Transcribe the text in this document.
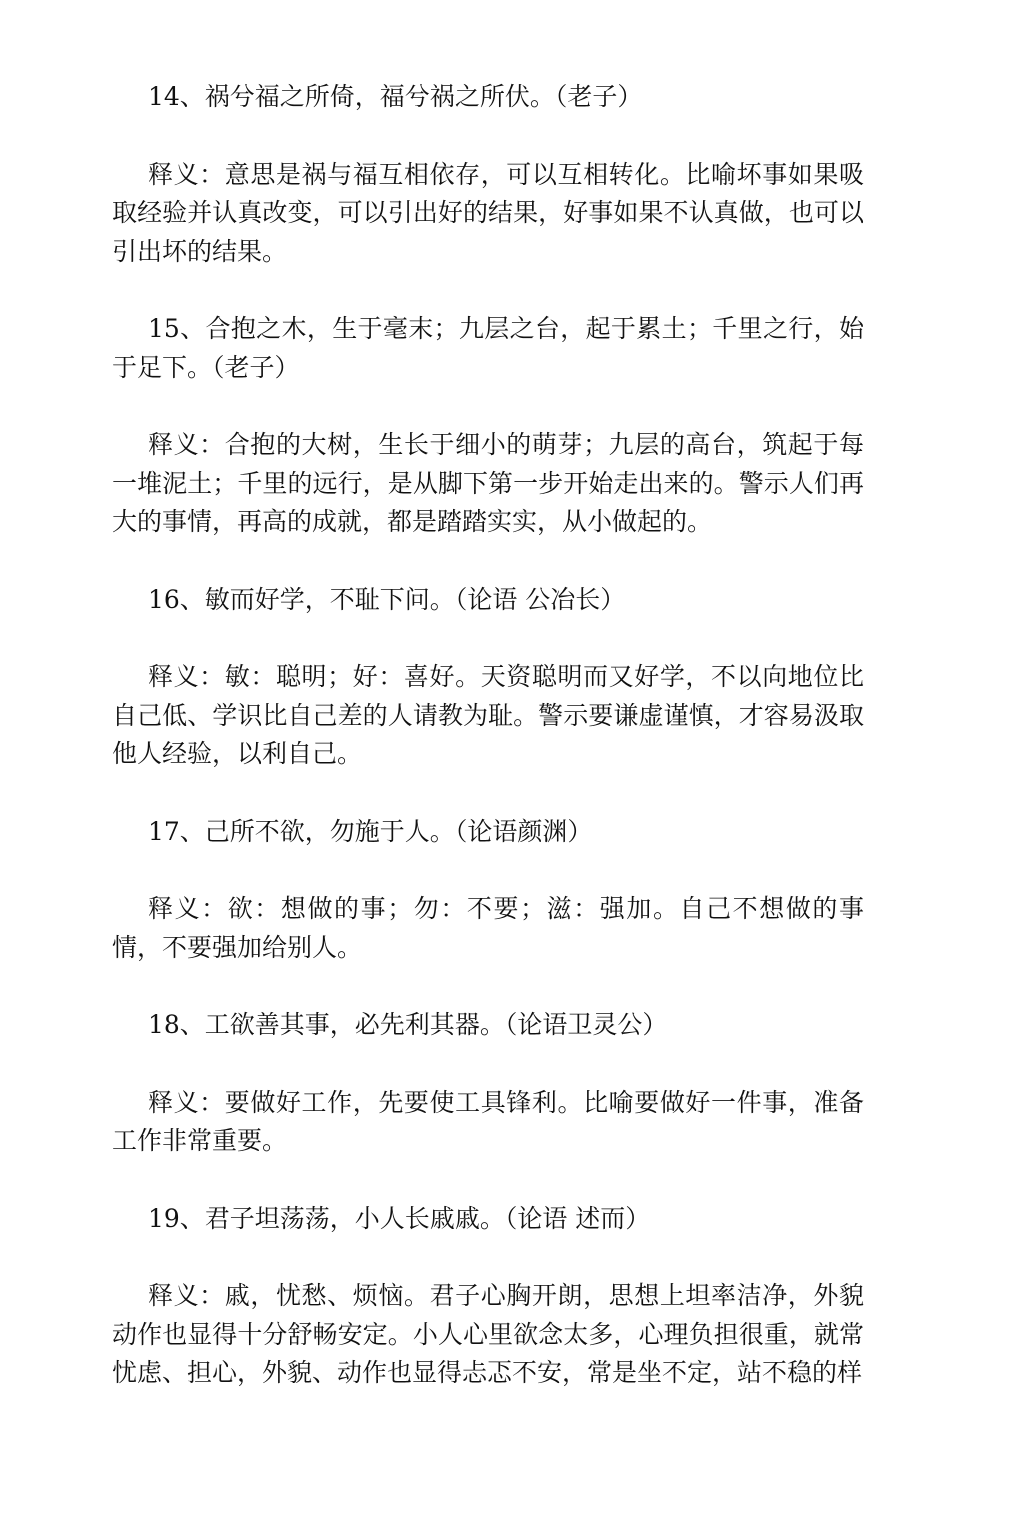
14、祸兮福之所倚，福兮祸之所伏。（老子）

释义：意思是祸与福互相依存，可以互相转化。比喻坏事如果吸取经验并认真改变，可以引出好的结果，好事如果不认真做，也可以引出坏的结果。

15、合抱之木，生于毫末；九层之台，起于累土；千里之行，始于足下。（老子）

释义：合抱的大树，生长于细小的萌芽；九层的高台，筑起于每一堆泥土；千里的远行，是从脚下第一步开始走出来的。警示人们再大的事情，再高的成就，都是踏踏实实，从小做起的。

16、敏而好学，不耻下问。（论语 公冶长）

释义：敏：聪明；好：喜好。天资聪明而又好学，不以向地位比自己低、学识比自己差的人请教为耻。警示要谦虚谨慎，才容易汲取他人经验，以利自己。

17、己所不欲，勿施于人。（论语颜渊）

释义：欲：想做的事；勿：不要；滋：强加。自己不想做的事情，不要强加给别人。

18、工欲善其事，必先利其器。（论语卫灵公）

释义：要做好工作，先要使工具锋利。比喻要做好一件事，准备工作非常重要。

19、君子坦荡荡，小人长戚戚。（论语 述而）

释义：戚，忧愁、烦恼。君子心胸开朗，思想上坦率洁净，外貌动作也显得十分舒畅安定。小人心里欲念太多，心理负担很重，就常忧虑、担心，外貌、动作也显得忐忑不安，常是坐不定，站不稳的样
